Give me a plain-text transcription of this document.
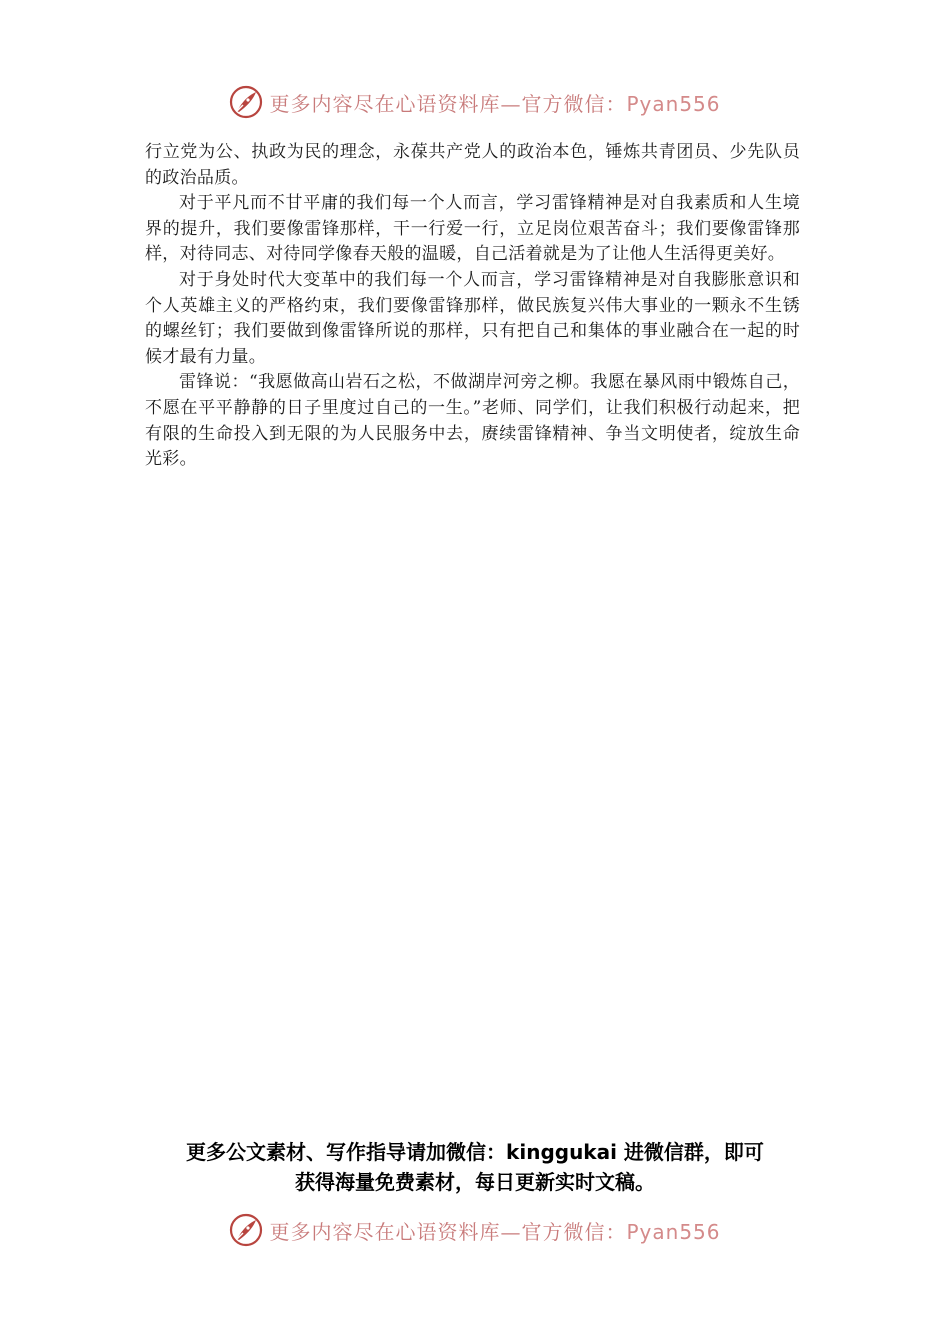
更多内容尽在心语资料库—官方微信：Pyan556

行立党为公、执政为民的理念，永葆共产党人的政治本色，锤炼共青团员、少先队员的政治品质。

对于平凡而不甘平庸的我们每一个人而言，学习雷锋精神是对自我素质和人生境界的提升，我们要像雷锋那样，干一行爱一行，立足岗位艰苦奋斗；我们要像雷锋那样，对待同志、对待同学像春天般的温暖，自己活着就是为了让他人生活得更美好。

对于身处时代大变革中的我们每一个人而言，学习雷锋精神是对自我膨胀意识和个人英雄主义的严格约束，我们要像雷锋那样，做民族复兴伟大事业的一颗永不生锈的螺丝钉；我们要做到像雷锋所说的那样，只有把自己和集体的事业融合在一起的时候才最有力量。

雷锋说：“我愿做高山岩石之松，不做湖岸河旁之柳。我愿在暴风雨中锻炼自己，不愿在平平静静的日子里度过自己的一生。”老师、同学们，让我们积极行动起来，把有限的生命投入到无限的为人民服务中去，赓续雷锋精神、争当文明使者，绽放生命光彩。

更多公文素材、写作指导请加微信：kinggukai 进微信群，即可
获得海量免费素材，每日更新实时文稿。
更多内容尽在心语资料库—官方微信：Pyan556
